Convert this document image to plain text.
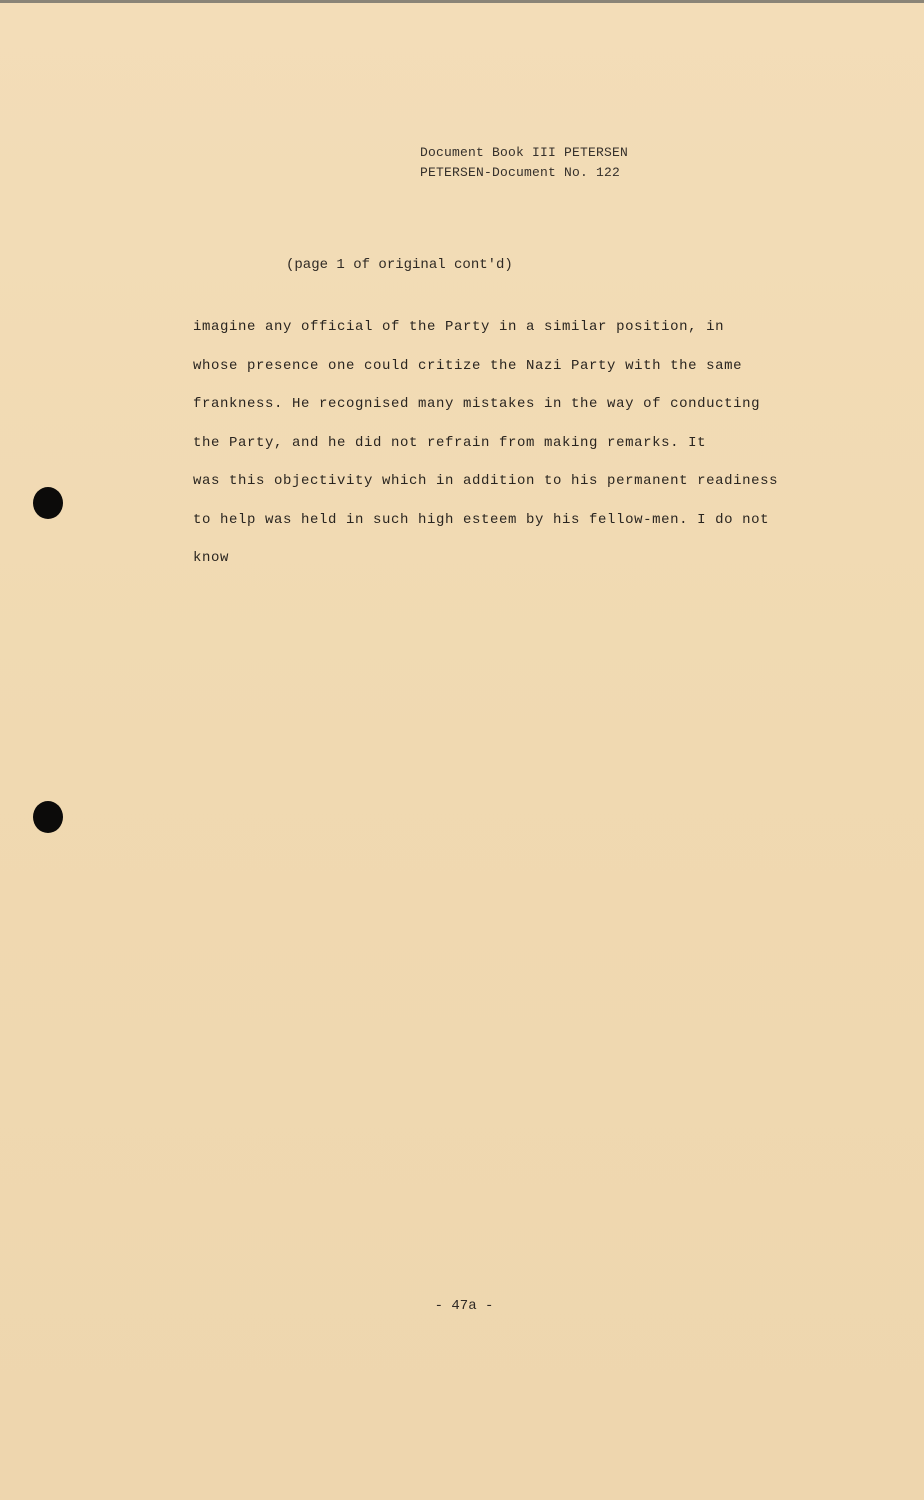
Document Book III PETERSEN
PETERSEN-Document No. 122
(page 1 of original cont'd)
imagine any official of the Party in a similar position, in
whose presence one could critize the Nazi Party with the same
frankness. He recognised many mistakes in the way of conducting
the Party, and he did not refrain from making remarks. It
was this objectivity which in addition to his permanent readiness
to help was held in such high esteem by his fellow-men. I do not
know
- 47a -
